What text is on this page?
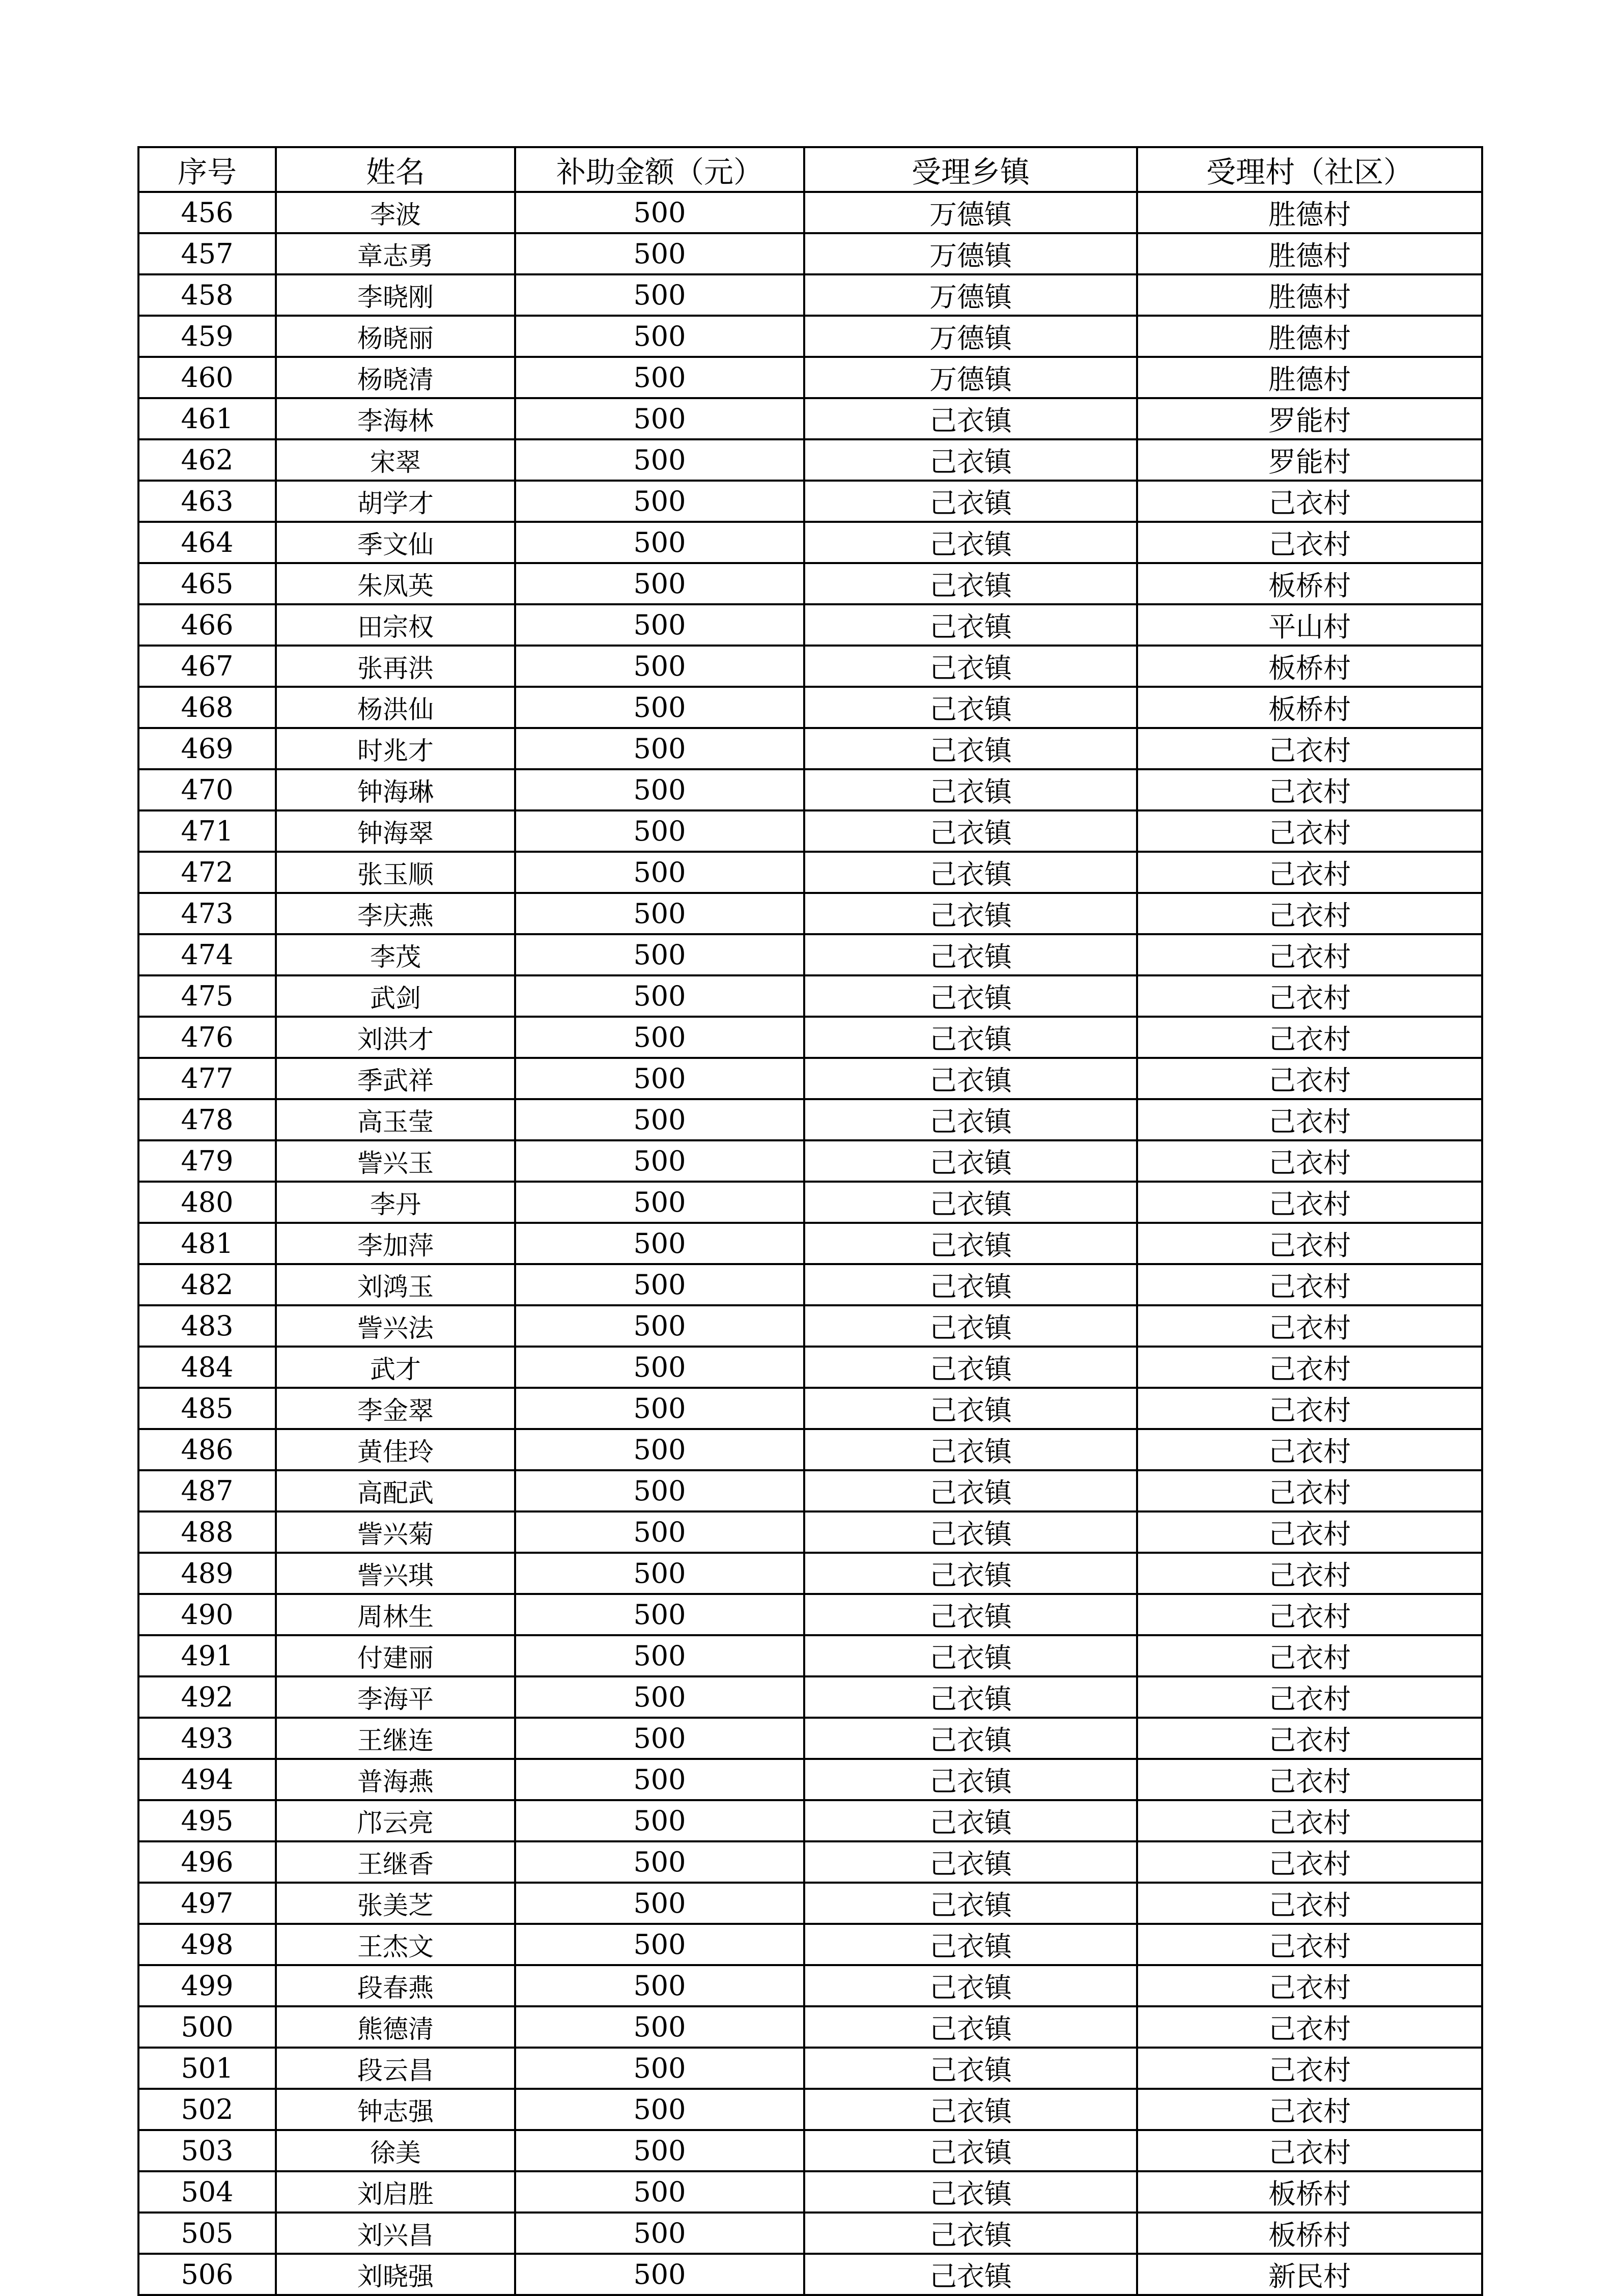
序号	姓名	补助金额（元）	受理乡镇	受理村（社区）
456	李波	500	万德镇	胜德村
457	章志勇	500	万德镇	胜德村
458	李晓刚	500	万德镇	胜德村
459	杨晓丽	500	万德镇	胜德村
460	杨晓清	500	万德镇	胜德村
461	李海林	500	己衣镇	罗能村
462	宋翠	500	己衣镇	罗能村
463	胡学才	500	己衣镇	己衣村
464	季文仙	500	己衣镇	己衣村
465	朱凤英	500	己衣镇	板桥村
466	田宗权	500	己衣镇	平山村
467	张再洪	500	己衣镇	板桥村
468	杨洪仙	500	己衣镇	板桥村
469	时兆才	500	己衣镇	己衣村
470	钟海琳	500	己衣镇	己衣村
471	钟海翠	500	己衣镇	己衣村
472	张玉顺	500	己衣镇	己衣村
473	李庆燕	500	己衣镇	己衣村
474	李茂	500	己衣镇	己衣村
475	武剑	500	己衣镇	己衣村
476	刘洪才	500	己衣镇	己衣村
477	季武祥	500	己衣镇	己衣村
478	高玉莹	500	己衣镇	己衣村
479	訾兴玉	500	己衣镇	己衣村
480	李丹	500	己衣镇	己衣村
481	李加萍	500	己衣镇	己衣村
482	刘鸿玉	500	己衣镇	己衣村
483	訾兴法	500	己衣镇	己衣村
484	武才	500	己衣镇	己衣村
485	李金翠	500	己衣镇	己衣村
486	黄佳玲	500	己衣镇	己衣村
487	高配武	500	己衣镇	己衣村
488	訾兴菊	500	己衣镇	己衣村
489	訾兴琪	500	己衣镇	己衣村
490	周林生	500	己衣镇	己衣村
491	付建丽	500	己衣镇	己衣村
492	李海平	500	己衣镇	己衣村
493	王继连	500	己衣镇	己衣村
494	普海燕	500	己衣镇	己衣村
495	邝云亮	500	己衣镇	己衣村
496	王继香	500	己衣镇	己衣村
497	张美芝	500	己衣镇	己衣村
498	王杰文	500	己衣镇	己衣村
499	段春燕	500	己衣镇	己衣村
500	熊德清	500	己衣镇	己衣村
501	段云昌	500	己衣镇	己衣村
502	钟志强	500	己衣镇	己衣村
503	徐美	500	己衣镇	己衣村
504	刘启胜	500	己衣镇	板桥村
505	刘兴昌	500	己衣镇	板桥村
506	刘晓强	500	己衣镇	新民村
